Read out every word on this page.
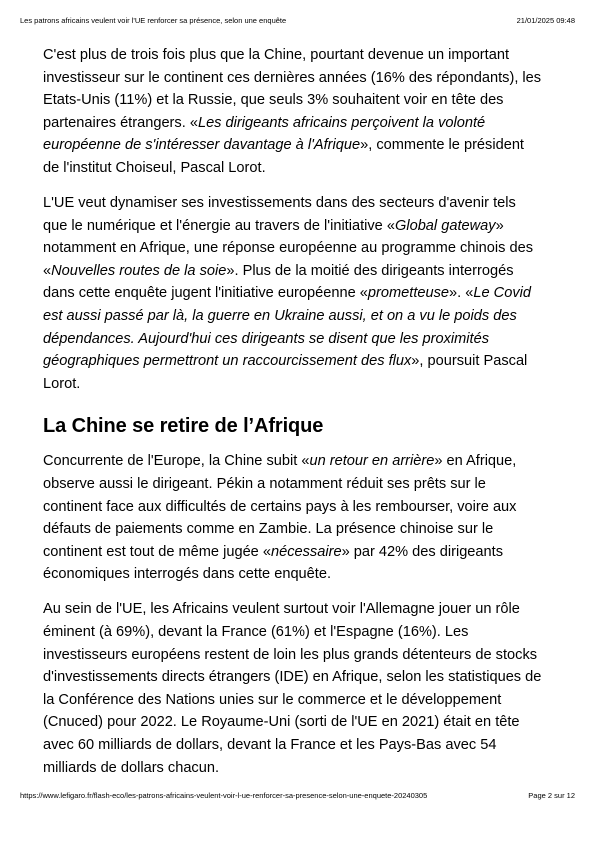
Les patrons africains veulent voir l'UE renforcer sa présence, selon une enquête	21/01/2025 09:48

C'est plus de trois fois plus que la Chine, pourtant devenue un important investisseur sur le continent ces dernières années (16% des répondants), les Etats-Unis (11%) et la Russie, que seuls 3% souhaitent voir en tête des partenaires étrangers. «Les dirigeants africains perçoivent la volonté européenne de s'intéresser davantage à l'Afrique», commente le président de l'institut Choiseul, Pascal Lorot.

L'UE veut dynamiser ses investissements dans des secteurs d'avenir tels que le numérique et l'énergie au travers de l'initiative «Global gateway» notamment en Afrique, une réponse européenne au programme chinois des «Nouvelles routes de la soie». Plus de la moitié des dirigeants interrogés dans cette enquête jugent l'initiative européenne «prometteuse». «Le Covid est aussi passé par là, la guerre en Ukraine aussi, et on a vu le poids des dépendances. Aujourd'hui ces dirigeants se disent que les proximités géographiques permettront un raccourcissement des flux», poursuit Pascal Lorot.

La Chine se retire de l’Afrique

Concurrente de l'Europe, la Chine subit «un retour en arrière» en Afrique, observe aussi le dirigeant. Pékin a notamment réduit ses prêts sur le continent face aux difficultés de certains pays à les rembourser, voire aux défauts de paiements comme en Zambie. La présence chinoise sur le continent est tout de même jugée «nécessaire» par 42% des dirigeants économiques interrogés dans cette enquête.

Au sein de l'UE, les Africains veulent surtout voir l'Allemagne jouer un rôle éminent (à 69%), devant la France (61%) et l'Espagne (16%). Les investisseurs européens restent de loin les plus grands détenteurs de stocks d'investissements directs étrangers (IDE) en Afrique, selon les statistiques de la Conférence des Nations unies sur le commerce et le développement (Cnuced) pour 2022. Le Royaume-Uni (sorti de l'UE en 2021) était en tête avec 60 milliards de dollars, devant la France et les Pays-Bas avec 54 milliards de dollars chacun.

https://www.lefigaro.fr/flash-eco/les-patrons-africains-veulent-voir-l-ue-renforcer-sa-presence-selon-une-enquete-20240305	Page 2 sur 12
